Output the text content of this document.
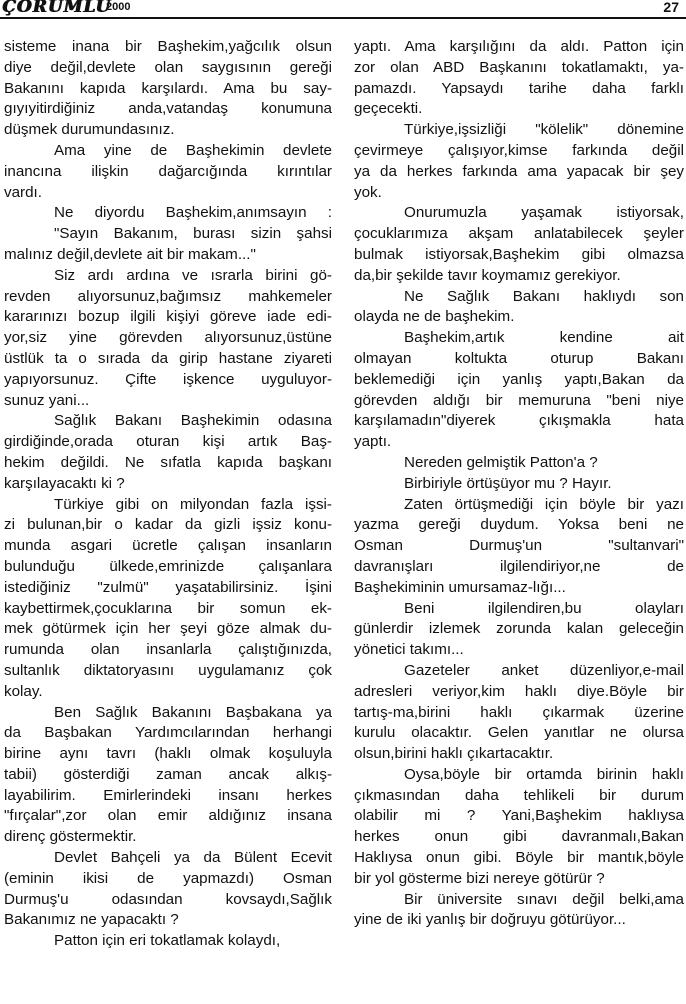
ÇORUMLU
2000	27
sisteme inana bir Başhekim,yağcılık olsun
diye değil,devlete olan saygısının gereği
Bakanını kapıda karşılardı. Ama bu say-
gıyıyitirdiğiniz anda,vatandaş konumuna
düşmek durumundasınız.
Ama yine de Başhekimin devlete
inancına ilişkin dağarcığında kırıntılar
vardı.
Ne diyordu Başhekim,anımsayın :
"Sayın Bakanım, burası sizin şahsi
malınız değil,devlete ait bir makam..."
Siz ardı ardına ve ısrarla birini gö-
revden alıyorsunuz,bağımsız mahkemeler
kararınızı bozup ilgili kişiyi göreve iade edi-
yor,siz yine görevden alıyorsunuz,üstüne
üstlük ta o sırada da girip hastane ziyareti
yapıyorsunuz. Çifte işkence uyguluyor-
sunuz yani...
Sağlık Bakanı Başhekimin odasına
girdiğinde,orada oturan kişi artık Baş-
hekim değildi. Ne sıfatla kapıda başkanı
karşılayacaktı ki ?
Türkiye gibi on milyondan fazla işsi-
zi bulunan,bir o kadar da gizli işsiz konu-
munda asgari ücretle çalışan insanların
bulunduğu ülkede,emrinizde çalışanlara
istediğiniz "zulmü" yaşatabilirsiniz. İşini
kaybettirmek,çocuklarına bir somun ek-
mek götürmek için her şeyi göze almak du-
rumunda olan insanlarla çalıştığınızda,
sultanlık diktatoryasını uygulamanız çok
kolay.
Ben Sağlık Bakanını Başbakana ya
da Başbakan Yardımcılarından herhangi
birine aynı tavrı (haklı olmak koşuluyla
tabii) gösterdiği zaman ancak alkış-
layabilirim. Emirlerindeki insanı herkes
"fırçalar",zor olan emir aldığınız insana
direnç göstermektir.
Devlet Bahçeli ya da Bülent Ecevit
(eminin ikisi de yapmazdı) Osman
Durmuş'u odasından kovsaydı,Sağlık
Bakanımız ne yapacaktı ?
Patton için eri tokatlamak kolaydı,
yaptı. Ama karşılığını da aldı. Patton için
zor olan ABD Başkanını tokatlamaktı, ya-
pamazdı. Yapsaydı tarihe daha farklı
geçecekti.
Türkiye,işsizliği "kölelik" dönemine
çevirmeye çalışıyor,kimse farkında değil
ya da herkes farkında ama yapacak bir şey
yok.
Onurumuzla yaşamak istiyorsak,
çocuklarımıza akşam anlatabilecek şeyler
bulmak istiyorsak,Başhekim gibi olmazsa
da,bir şekilde tavır koymamız gerekiyor.
Ne Sağlık Bakanı haklıydı son
olayda ne de başhekim.
Başhekim,artık kendine ait
olmayan koltukta oturup Bakanı
beklemediği için yanlış yaptı,Bakan da
görevden aldığı bir memuruna "beni niye
karşılamadın"diyerek çıkışmakla hata
yaptı.
Nereden gelmiştik Patton'a ?
Birbiriyle örtüşüyor mu ? Hayır.
Zaten örtüşmediği için böyle bir yazı
yazma gereği duydum. Yoksa beni ne
Osman Durmuş'un "sultanvari"
davranışları ilgilendiriyor,ne de
Başhekiminin umursamaz-lığı...
Beni ilgilendiren,bu olayları
günlerdir izlemek zorunda kalan geleceğin
yönetici takımı...
Gazeteler anket düzenliyor,e-mail
adresleri veriyor,kim haklı diye.Böyle bir
tartış-ma,birini haklı çıkarmak üzerine
kurulu olacaktır. Gelen yanıtlar ne olursa
olsun,birini haklı çıkartacaktır.
Oysa,böyle bir ortamda birinin haklı
çıkmasından daha tehlikeli bir durum
olabilir mi ? Yani,Başhekim haklıysa
herkes onun gibi davranmalı,Bakan
Haklıysa onun gibi. Böyle bir mantık,böyle
bir yol gösterme bizi nereye götürür ?
Bir üniversite sınavı değil belki,ama
yine de iki yanlış bir doğruyu götürüyor...
